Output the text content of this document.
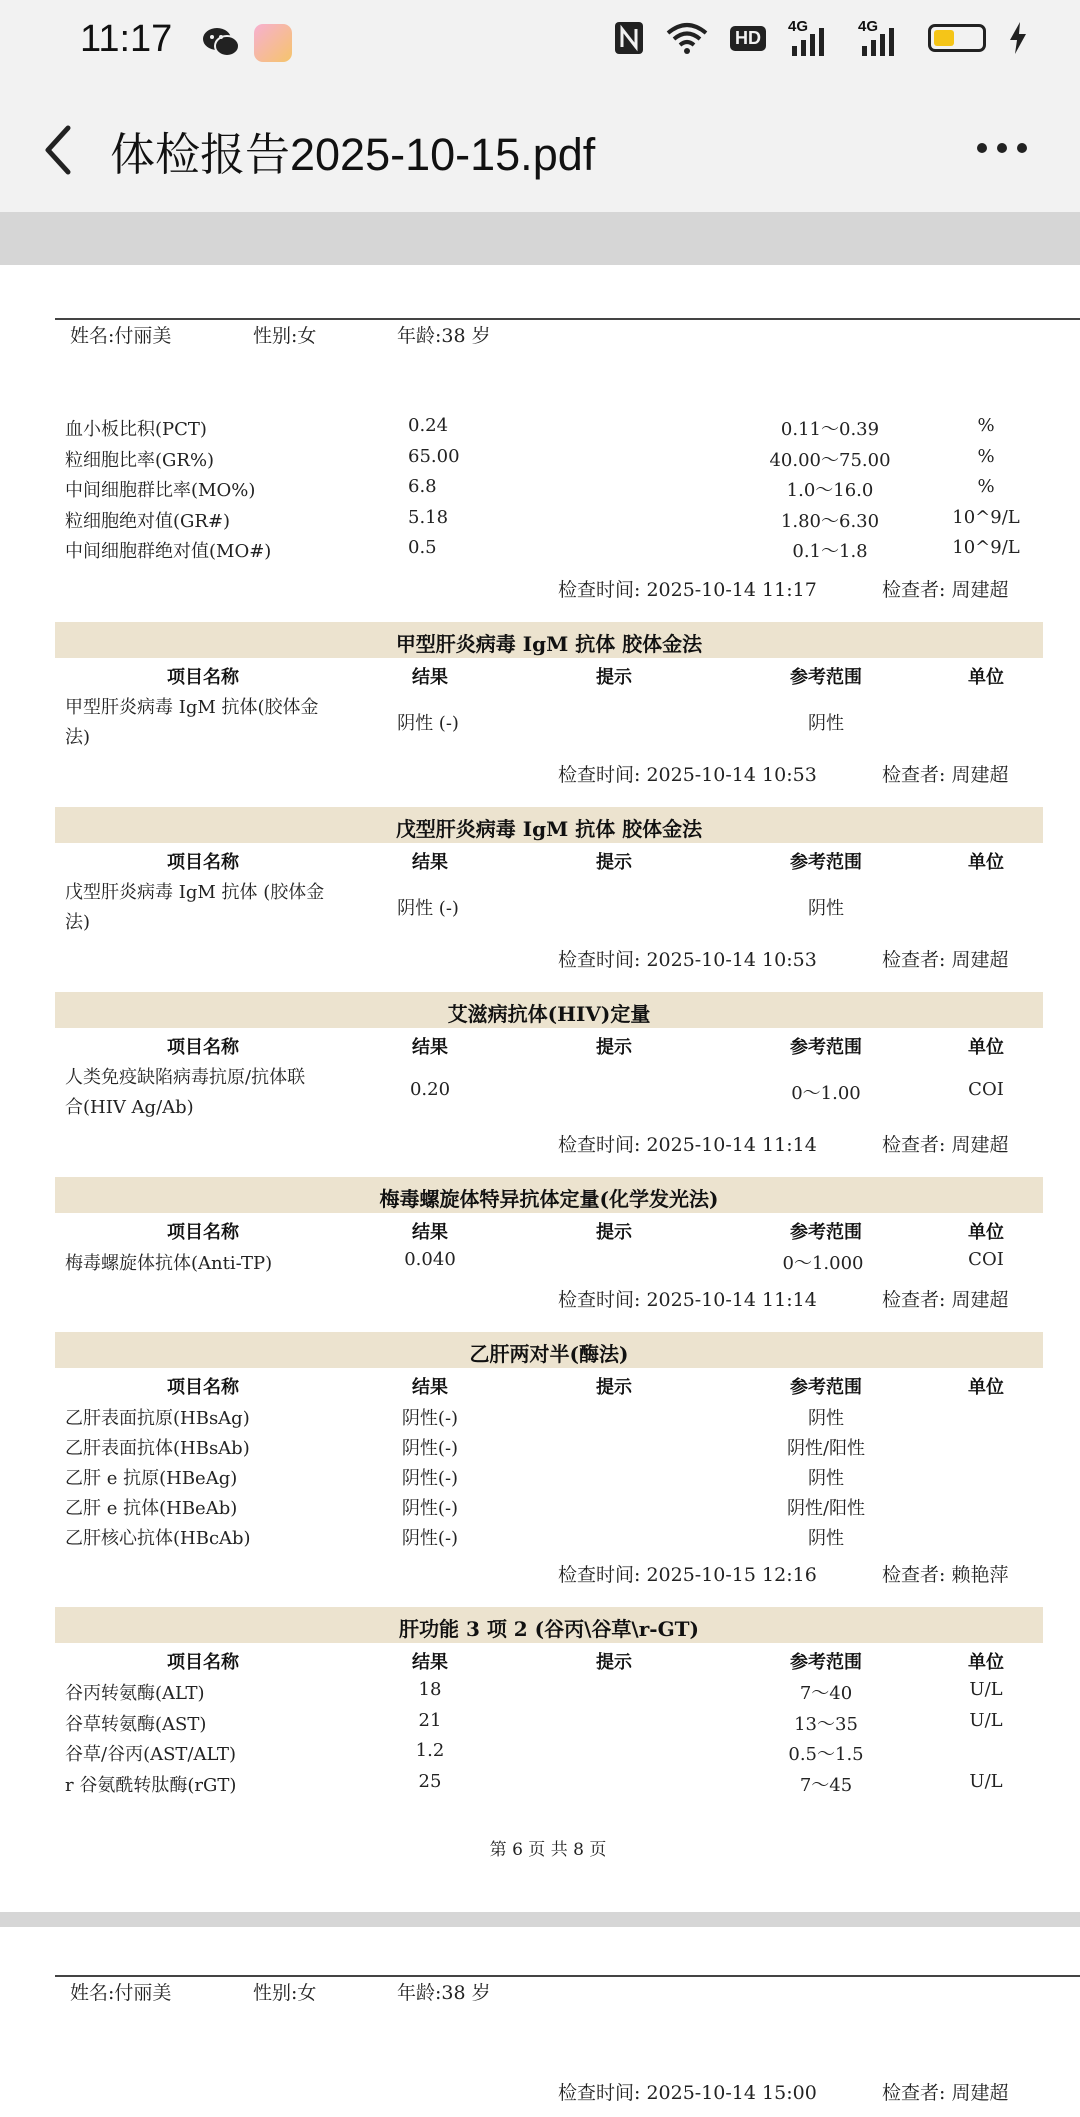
11:17	HD
4G	4G
体检报告2025-10-15.pdf
姓名:付丽美	性别:女	年龄:38 岁
检查时间: 2025-10-14 11:17	检查者: 周建超
甲型肝炎病毒 IgM 抗体 胶体金法
甲型肝炎病毒 IgM 抗体(胶体金
法)
阴性 (-)	阴性
检查时间: 2025-10-14 10:53	检查者: 周建超
戊型肝炎病毒 IgM 抗体 胶体金法
戊型肝炎病毒 IgM 抗体 (胶体金
法)
阴性 (-)	阴性
检查时间: 2025-10-14 10:53	检查者: 周建超
艾滋病抗体(HIV)定量
人类免疫缺陷病毒抗原/抗体联
合(HIV Ag/Ab)
0.20	0～1.00	COI
检查时间: 2025-10-14 11:14	检查者: 周建超
梅毒螺旋体特异抗体定量(化学发光法)
梅毒螺旋体抗体(Anti-TP)	0.040	0～1.000	COI
检查时间: 2025-10-14 11:14	检查者: 周建超
乙肝两对半(酶法)
检查时间: 2025-10-15 12:16	检查者: 赖艳萍
肝功能 3 项 2 (谷丙\谷草\r-GT)
第 6 页 共 8 页
项目名称	结果	提示	参考范围	单位
项目名称	结果	提示	参考范围	单位
项目名称	结果	提示	参考范围	单位
项目名称	结果	提示	参考范围	单位
项目名称	结果	提示	参考范围	单位
项目名称	结果	提示	参考范围	单位
血小板比积(PCT)	0.24	0.11～0.39	%
粒细胞比率(GR%)	65.00	40.00～75.00	%
中间细胞群比率(MO%)	6.8	1.0～16.0	%
粒细胞绝对值(GR#)	5.18	1.80～6.30	10^9/L
中间细胞群绝对值(MO#)	0.5	0.1～1.8	10^9/L
乙肝表面抗原(HBsAg)	阴性(-)	阴性
乙肝表面抗体(HBsAb)	阴性(-)	阴性/阳性
乙肝 e 抗原(HBeAg)	阴性(-)	阴性
乙肝 e 抗体(HBeAb)	阴性(-)	阴性/阳性
乙肝核心抗体(HBcAb)	阴性(-)	阴性
谷丙转氨酶(ALT)	18	7～40	U/L
谷草转氨酶(AST)	21	13～35	U/L
谷草/谷丙(AST/ALT)	1.2	0.5～1.5
r 谷氨酰转肽酶(rGT)	25	7～45	U/L
姓名:付丽美	性别:女	年龄:38 岁
检查时间: 2025-10-14 15:00	检查者: 周建超
